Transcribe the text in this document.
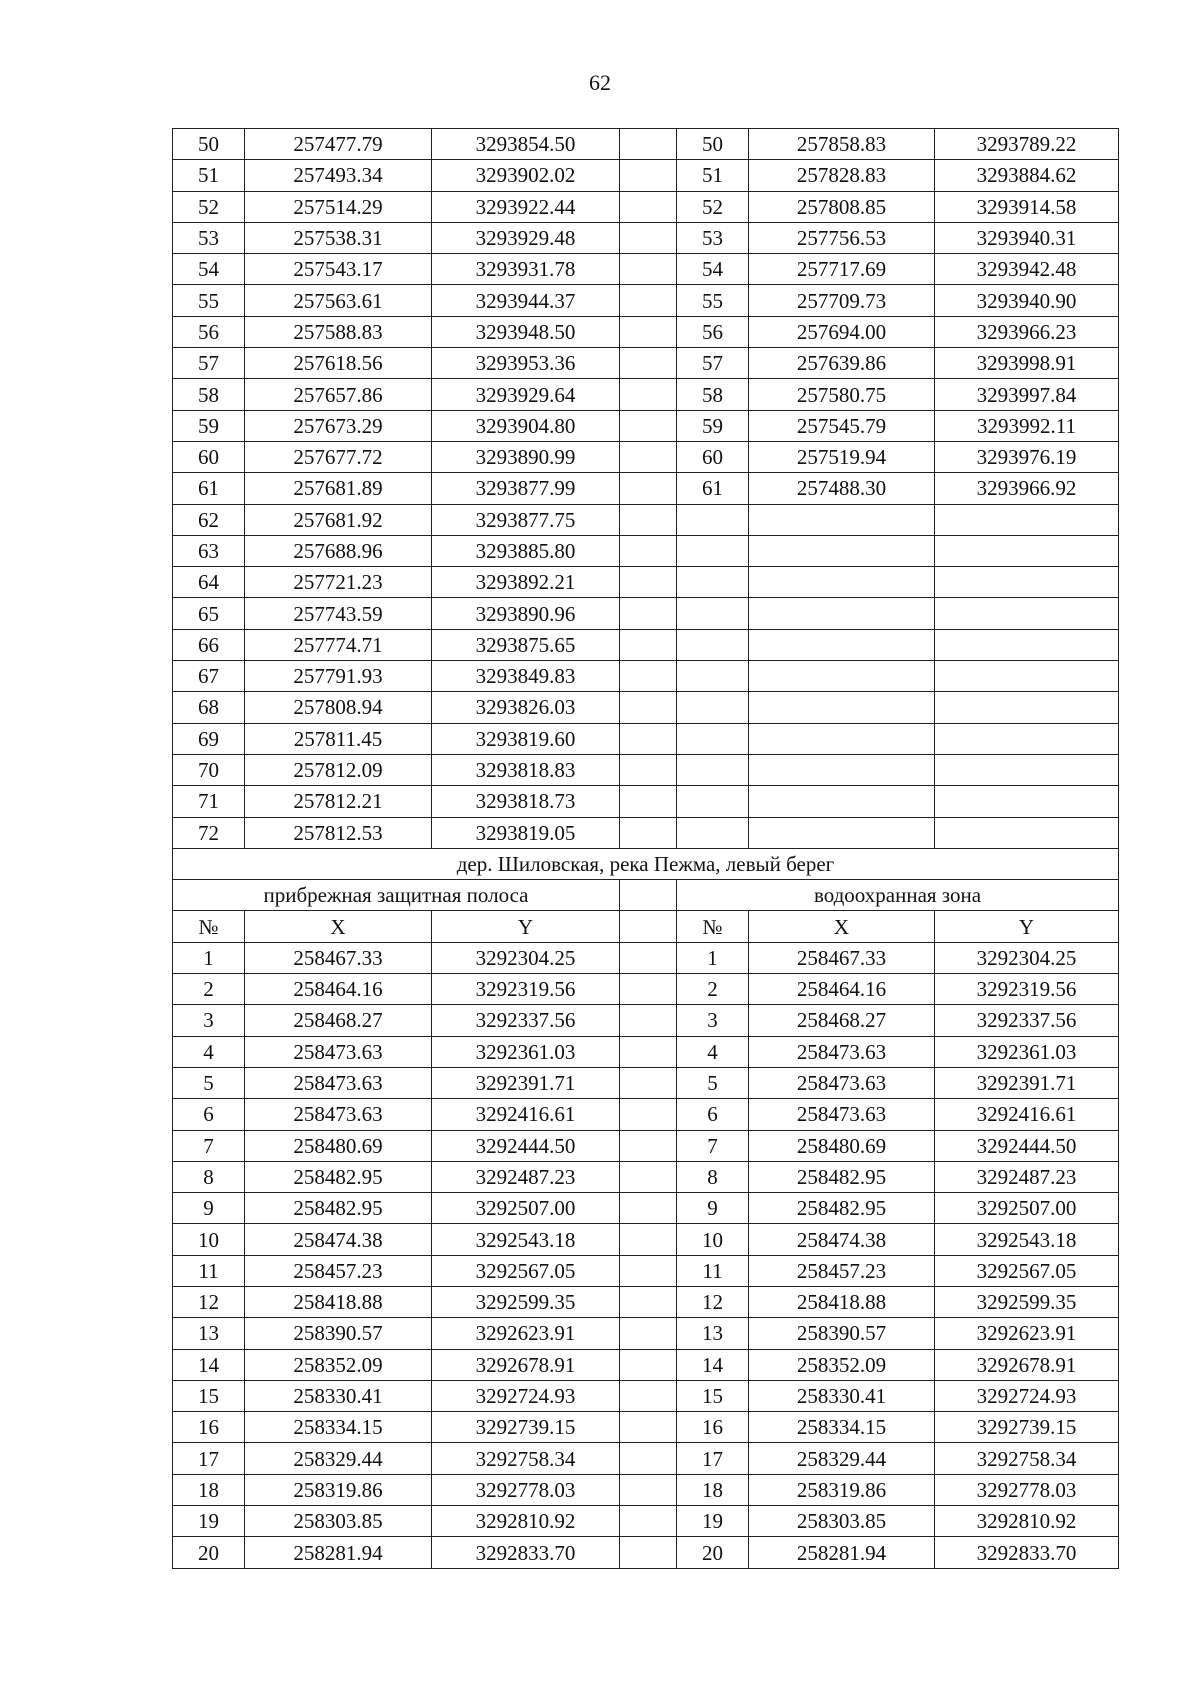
62
50	257477.79	3293854.50		50	257858.83	3293789.22
51	257493.34	3293902.02		51	257828.83	3293884.62
52	257514.29	3293922.44		52	257808.85	3293914.58
53	257538.31	3293929.48		53	257756.53	3293940.31
54	257543.17	3293931.78		54	257717.69	3293942.48
55	257563.61	3293944.37		55	257709.73	3293940.90
56	257588.83	3293948.50		56	257694.00	3293966.23
57	257618.56	3293953.36		57	257639.86	3293998.91
58	257657.86	3293929.64		58	257580.75	3293997.84
59	257673.29	3293904.80		59	257545.79	3293992.11
60	257677.72	3293890.99		60	257519.94	3293976.19
61	257681.89	3293877.99		61	257488.30	3293966.92
62	257681.92	3293877.75				
63	257688.96	3293885.80				
64	257721.23	3293892.21				
65	257743.59	3293890.96				
66	257774.71	3293875.65				
67	257791.93	3293849.83				
68	257808.94	3293826.03				
69	257811.45	3293819.60				
70	257812.09	3293818.83				
71	257812.21	3293818.73				
72	257812.53	3293819.05				
дер. Шиловская, река Пежма, левый берег						
прибрежная защитная полоса				водоохранная зона		
№	X	Y		№	X	Y
1	258467.33	3292304.25		1	258467.33	3292304.25
2	258464.16	3292319.56		2	258464.16	3292319.56
3	258468.27	3292337.56		3	258468.27	3292337.56
4	258473.63	3292361.03		4	258473.63	3292361.03
5	258473.63	3292391.71		5	258473.63	3292391.71
6	258473.63	3292416.61		6	258473.63	3292416.61
7	258480.69	3292444.50		7	258480.69	3292444.50
8	258482.95	3292487.23		8	258482.95	3292487.23
9	258482.95	3292507.00		9	258482.95	3292507.00
10	258474.38	3292543.18		10	258474.38	3292543.18
11	258457.23	3292567.05		11	258457.23	3292567.05
12	258418.88	3292599.35		12	258418.88	3292599.35
13	258390.57	3292623.91		13	258390.57	3292623.91
14	258352.09	3292678.91		14	258352.09	3292678.91
15	258330.41	3292724.93		15	258330.41	3292724.93
16	258334.15	3292739.15		16	258334.15	3292739.15
17	258329.44	3292758.34		17	258329.44	3292758.34
18	258319.86	3292778.03		18	258319.86	3292778.03
19	258303.85	3292810.92		19	258303.85	3292810.92
20	258281.94	3292833.70		20	258281.94	3292833.70
